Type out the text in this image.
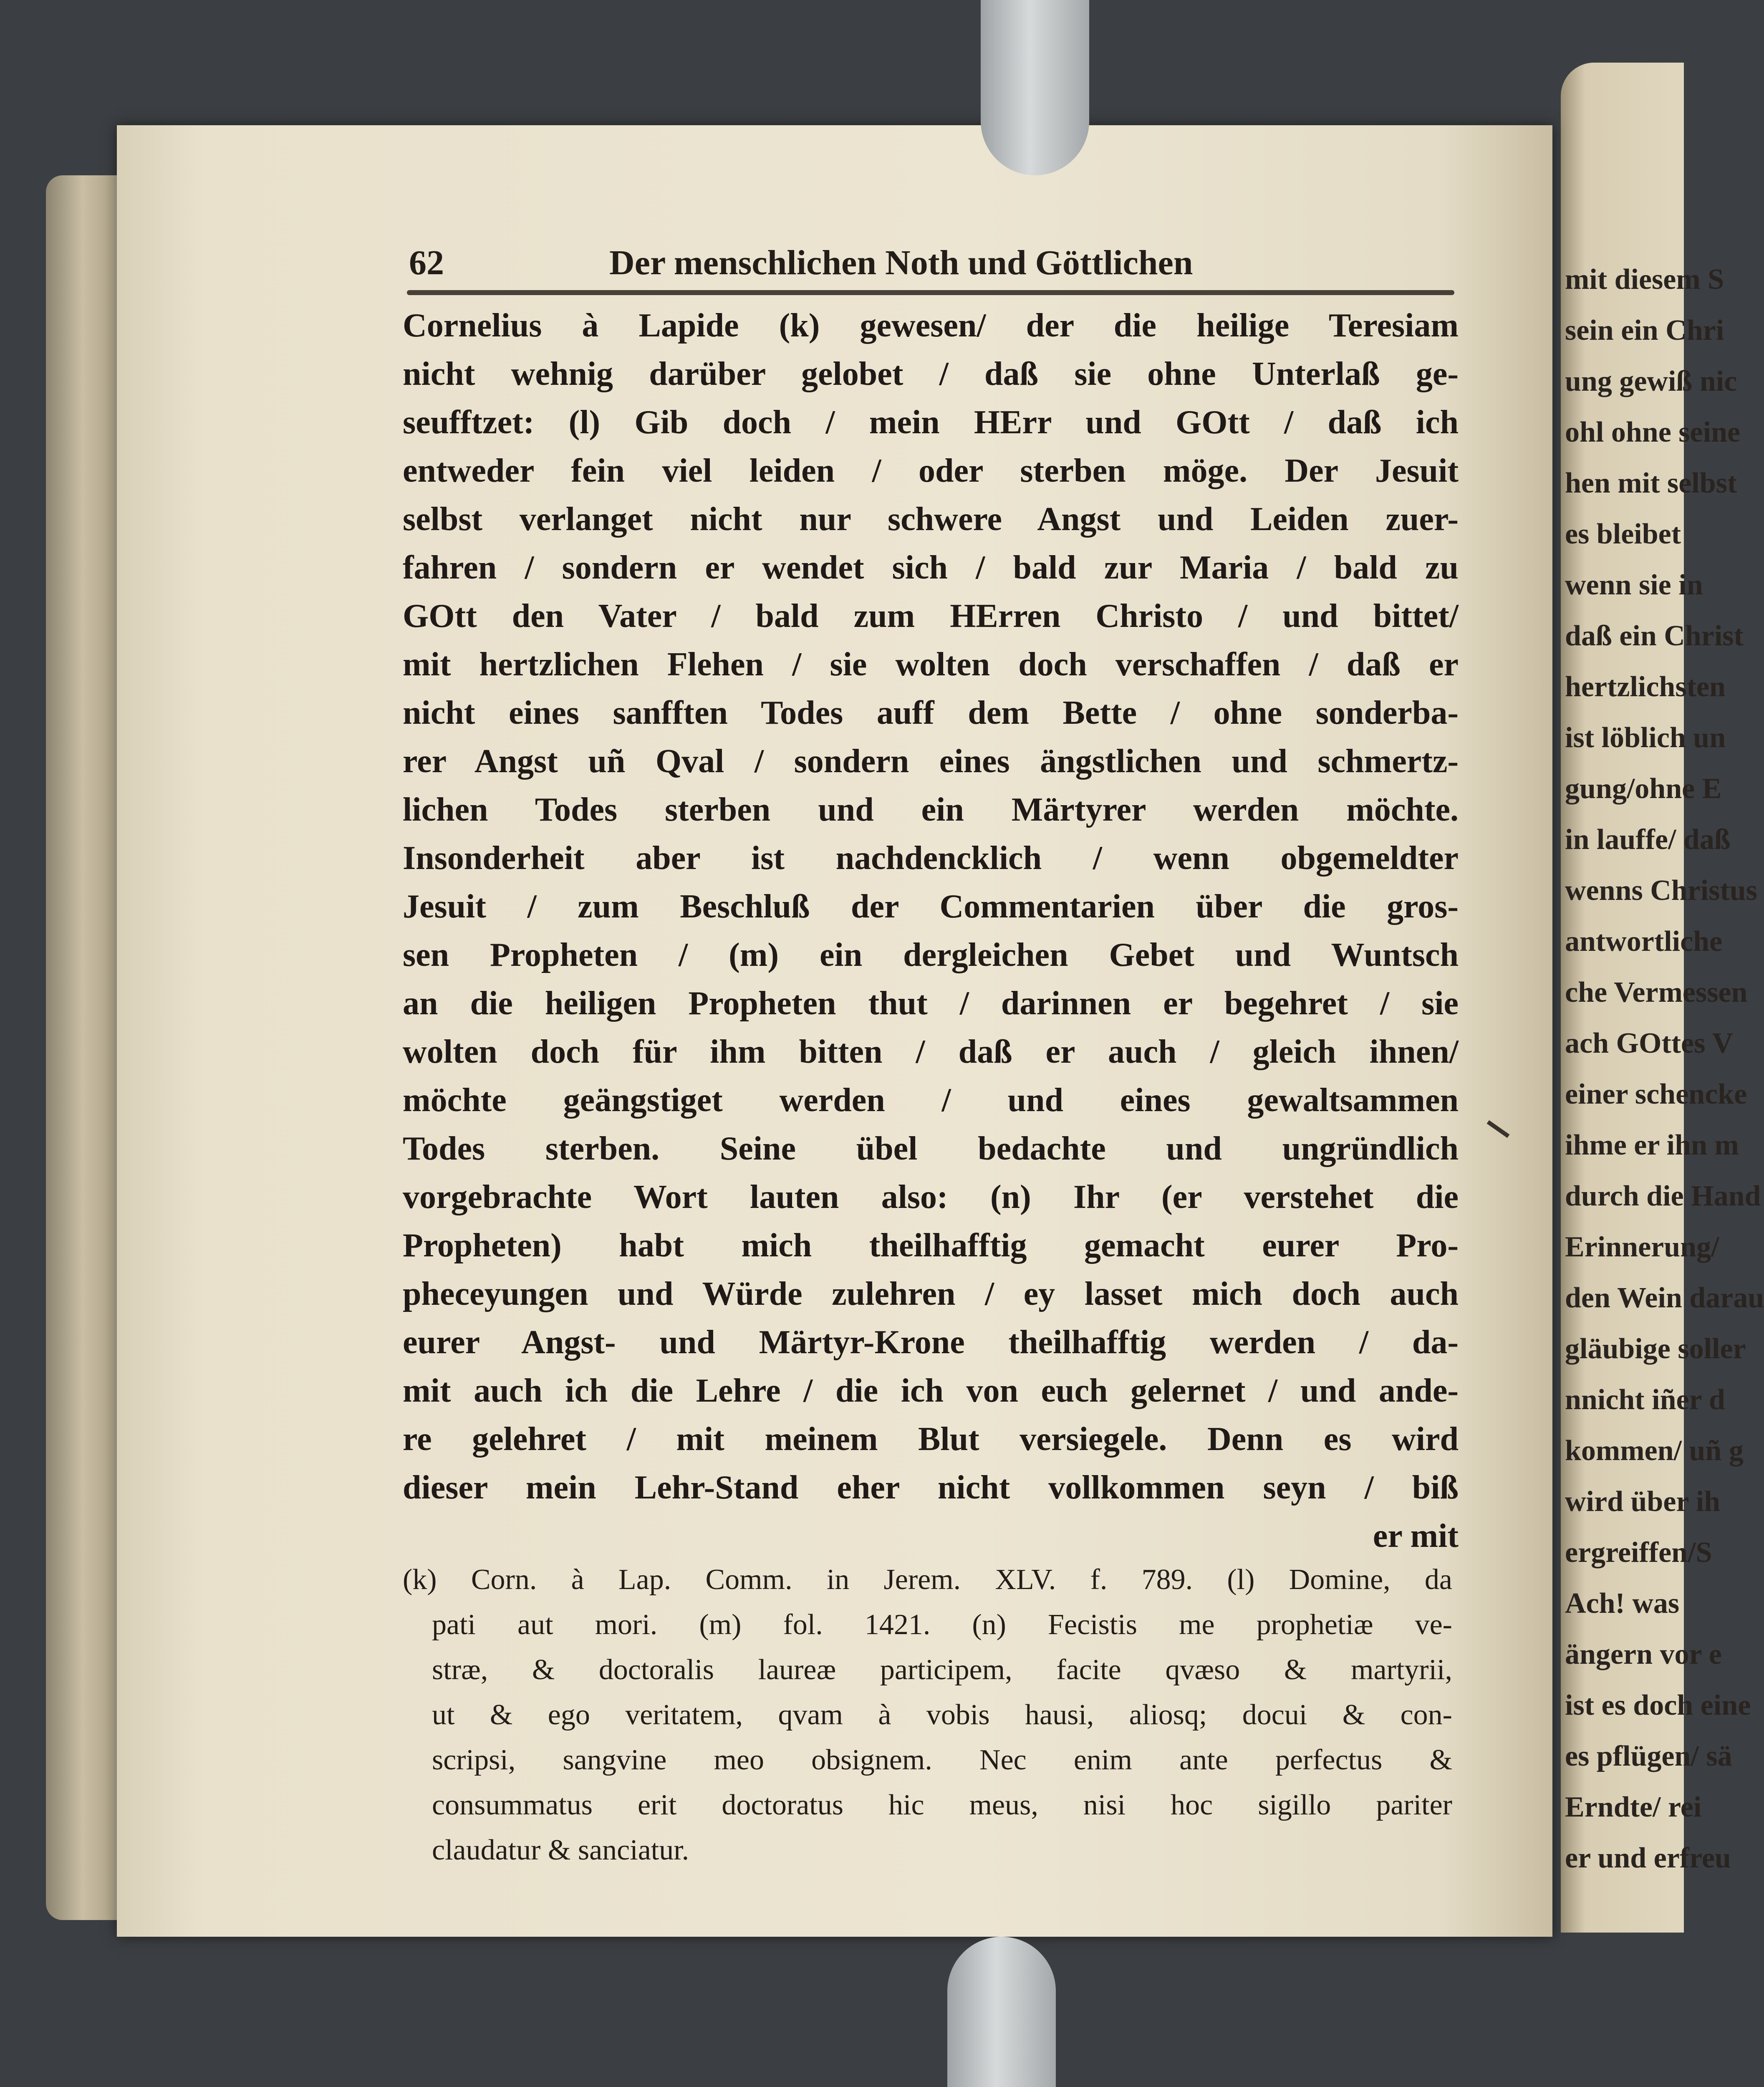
mit diesem S
sein ein Chri
ung gewiß nic
ohl ohne seine
hen mit selbst
es bleibet
wenn sie in
daß ein Christ
hertzlichsten
ist löblich un
gung/ohne E
in lauffe/ daß
wenns Christus
antwortliche
che Vermessen
ach GOttes V
einer schencke
ihme er ihn m
durch die Hand
Erinnerung/
den Wein darau
gläubige soller
nnicht iñer d
kommen/ uñ g
wird über ih
ergreiffen/S
Ach! was
ängern vor e
ist es doch eine
es pflügen/ sä
Erndte/ rei
er und erfreu
62	Der menschlichen Noth und Göttlichen
Cornelius à Lapide (k) gewesen/ der die heilige Teresiam
nicht wehnig darüber gelobet / daß sie ohne Unterlaß ge-
seufftzet: (l) Gib doch / mein HErr und GOtt / daß ich
entweder fein viel leiden / oder sterben möge. Der Jesuit
selbst verlanget nicht nur schwere Angst und Leiden zuer-
fahren / sondern er wendet sich / bald zur Maria / bald zu
GOtt den Vater / bald zum HErren Christo / und bittet/
mit hertzlichen Flehen / sie wolten doch verschaffen / daß er
nicht eines sanfften Todes auff dem Bette / ohne sonderba-
rer Angst uñ Qval / sondern eines ängstlichen und schmertz-
lichen Todes sterben und ein Märtyrer werden möchte.
Insonderheit aber ist nachdencklich / wenn obgemeldter
Jesuit / zum Beschluß der Commentarien über die gros-
sen Propheten / (m) ein dergleichen Gebet und Wuntsch
an die heiligen Propheten thut / darinnen er begehret / sie
wolten doch für ihm bitten / daß er auch / gleich ihnen/
möchte geängstiget werden / und eines gewaltsammen
Todes sterben. Seine übel bedachte und ungründlich
vorgebrachte Wort lauten also: (n) Ihr (er verstehet die
Propheten) habt mich theilhafftig gemacht eurer Pro-
pheceyungen und Würde zulehren / ey lasset mich doch auch
eurer Angst- und Märtyr-Krone theilhafftig werden / da-
mit auch ich die Lehre / die ich von euch gelernet / und ande-
re gelehret / mit meinem Blut versiegele. Denn es wird
dieser mein Lehr-Stand eher nicht vollkommen seyn / biß
er mit
(k) Corn. à Lap. Comm. in Jerem. XLV. f. 789. (l) Domine, da
pati aut mori. (m) fol. 1421. (n) Fecistis me prophetiæ ve-
stræ, & doctoralis laureæ participem, facite qvæso & martyrii,
ut & ego veritatem, qvam à vobis hausi, aliosq; docui & con-
scripsi, sangvine meo obsignem. Nec enim ante perfectus &
consummatus erit doctoratus hic meus, nisi hoc sigillo pariter
claudatur & sanciatur.
